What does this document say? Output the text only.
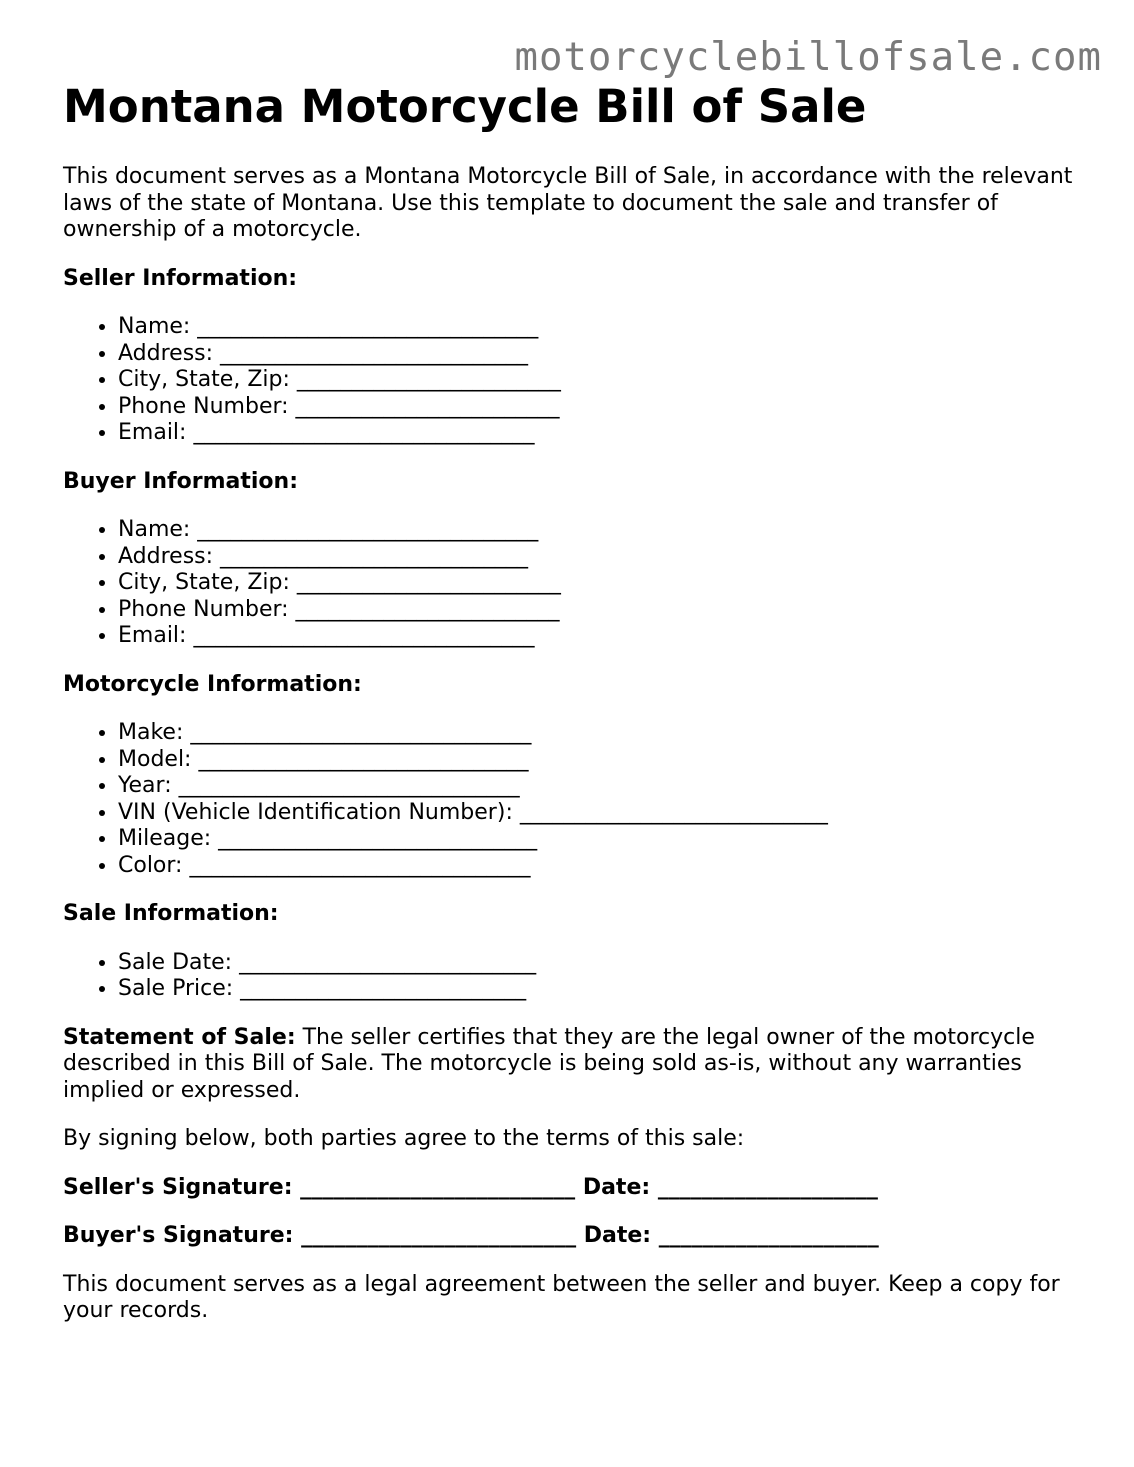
motorcyclebillofsale.com
Montana Motorcycle Bill of Sale

This document serves as a Montana Motorcycle Bill of Sale, in accordance with the relevant laws of the state of Montana. Use this template to document the sale and transfer of ownership of a motorcycle.

Seller Information:
• Name: _______________________________
• Address: ____________________________
• City, State, Zip: ________________________
• Phone Number: ________________________
• Email: _______________________________
Buyer Information:
• Name: _______________________________
• Address: ____________________________
• City, State, Zip: ________________________
• Phone Number: ________________________
• Email: _______________________________
Motorcycle Information:
• Make: _______________________________
• Model: ______________________________
• Year: _______________________________
• VIN (Vehicle Identification Number): ____________________________
• Mileage: _____________________________
• Color: _______________________________
Sale Information:
• Sale Date: ___________________________
• Sale Price: __________________________

Statement of Sale: The seller certifies that they are the legal owner of the motorcycle described in this Bill of Sale. The motorcycle is being sold as-is, without any warranties implied or expressed.

By signing below, both parties agree to the terms of this sale:

Seller's Signature: _________________________ Date: ____________________

Buyer's Signature: _________________________ Date: ____________________

This document serves as a legal agreement between the seller and buyer. Keep a copy for your records.
